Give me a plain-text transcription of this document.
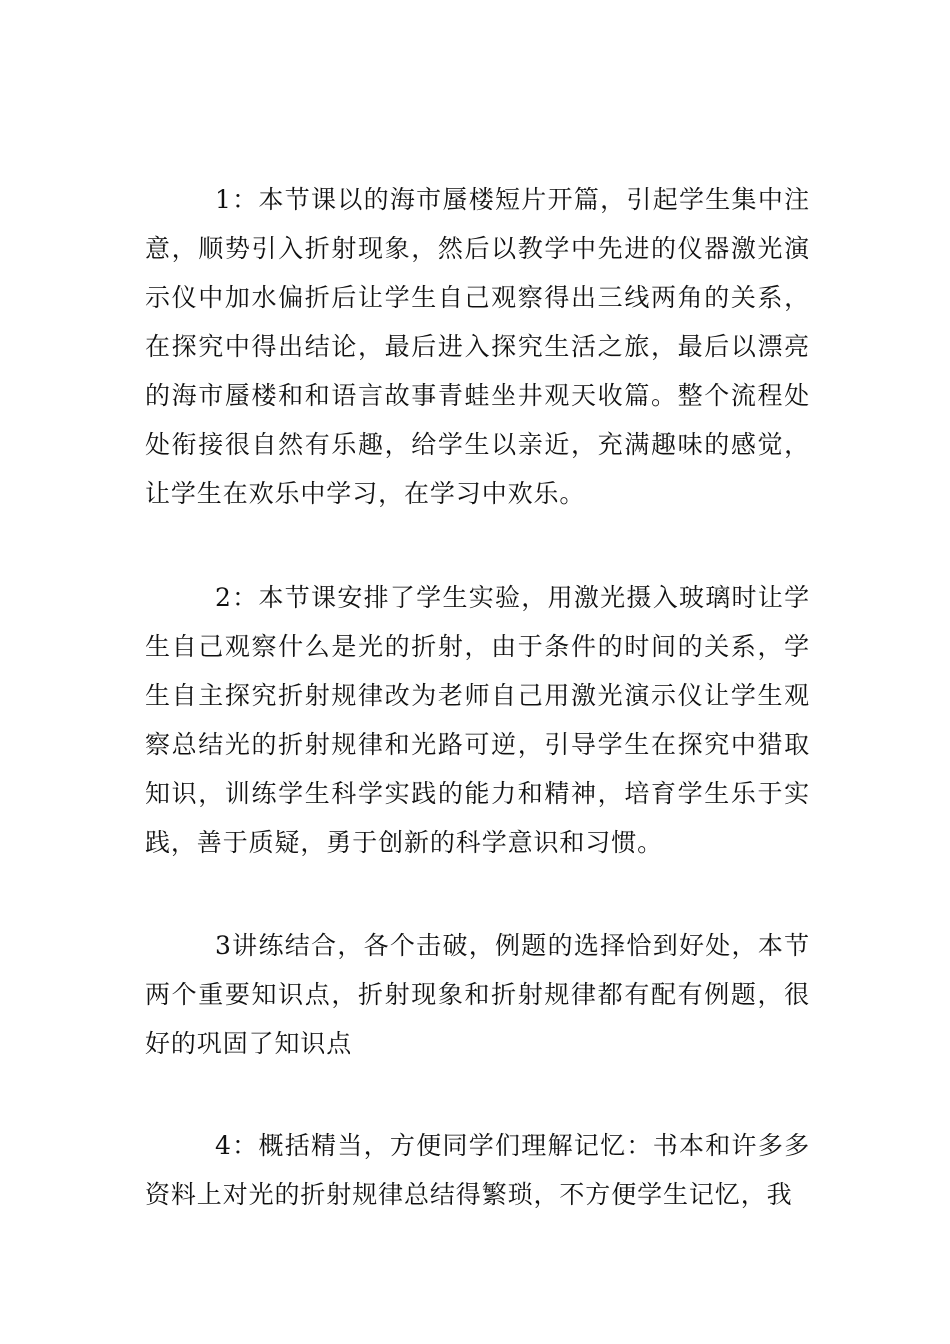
1：本节课以的海市蜃楼短片开篇，引起学生集中注意，顺势引入折射现象，然后以教学中先进的仪器激光演示仪中加水偏折后让学生自己观察得出三线两角的关系，在探究中得出结论，最后进入探究生活之旅，最后以漂亮的海市蜃楼和和语言故事青蛙坐井观天收篇。整个流程处处衔接很自然有乐趣，给学生以亲近，充满趣味的感觉，让学生在欢乐中学习，在学习中欢乐。

2：本节课安排了学生实验，用激光摄入玻璃时让学生自己观察什么是光的折射，由于条件的时间的关系，学生自主探究折射规律改为老师自己用激光演示仪让学生观察总结光的折射规律和光路可逆，引导学生在探究中猎取知识，训练学生科学实践的能力和精神，培育学生乐于实践，善于质疑，勇于创新的科学意识和习惯。

3讲练结合，各个击破，例题的选择恰到好处，本节两个重要知识点，折射现象和折射规律都有配有例题，很好的巩固了知识点

4：概括精当，方便同学们理解记忆：书本和许多多资料上对光的折射规律总结得繁琐，不方便学生记忆，我
